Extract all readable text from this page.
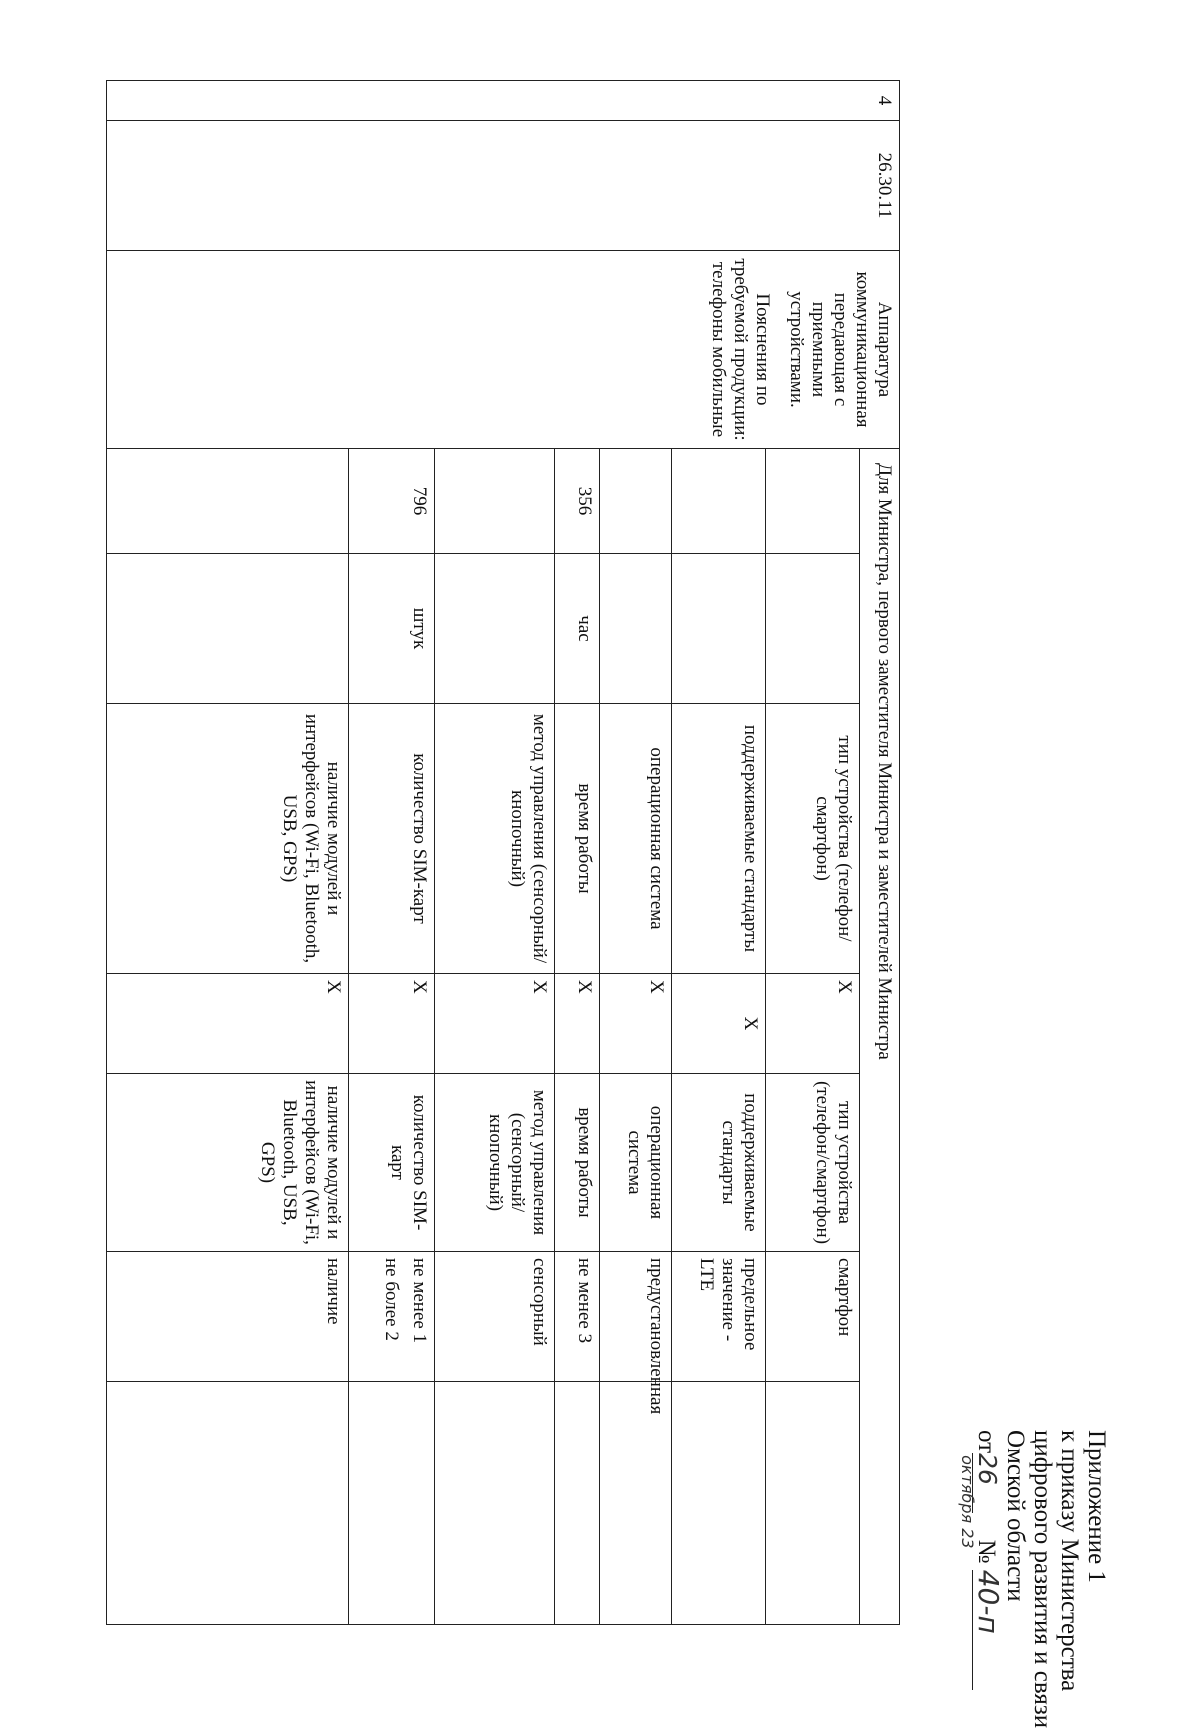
Приложение 1
к приказу Министерства
цифрового развития и связи
Омской области
от26
октября 23
№ 40-п
4	26.30.11	Аппаратура коммуникационная передающая с приемными устройствами.
Пояснения по требуемой продукции: телефоны мобильные	Для Министра, первого заместителя Министра и заместителей Министра						
					тип устройства (телефон/смартфон)	X	тип устройства (телефон/смартфон)	смартфон	

					поддерживаемые стандарты	X	поддерживаемые стандарты	предельное значение - LTE	

					операционная система	X	операционная система	предустановленная	

			356	час	время работы	X	время работы	не менее 3	

					метод управления (сенсорный/кнопочный)	X	метод управления (сенсорный/кнопочный)	сенсорный	

			796	штук	количество SIM-карт	X	количество SIM-карт	не менее 1
не более 2	

					наличие модулей и интерфейсов (Wi-Fi, Bluetooth, USB, GPS)	X	наличие модулей и интерфейсов (Wi-Fi, Bluetooth, USB, GPS)	наличие	
